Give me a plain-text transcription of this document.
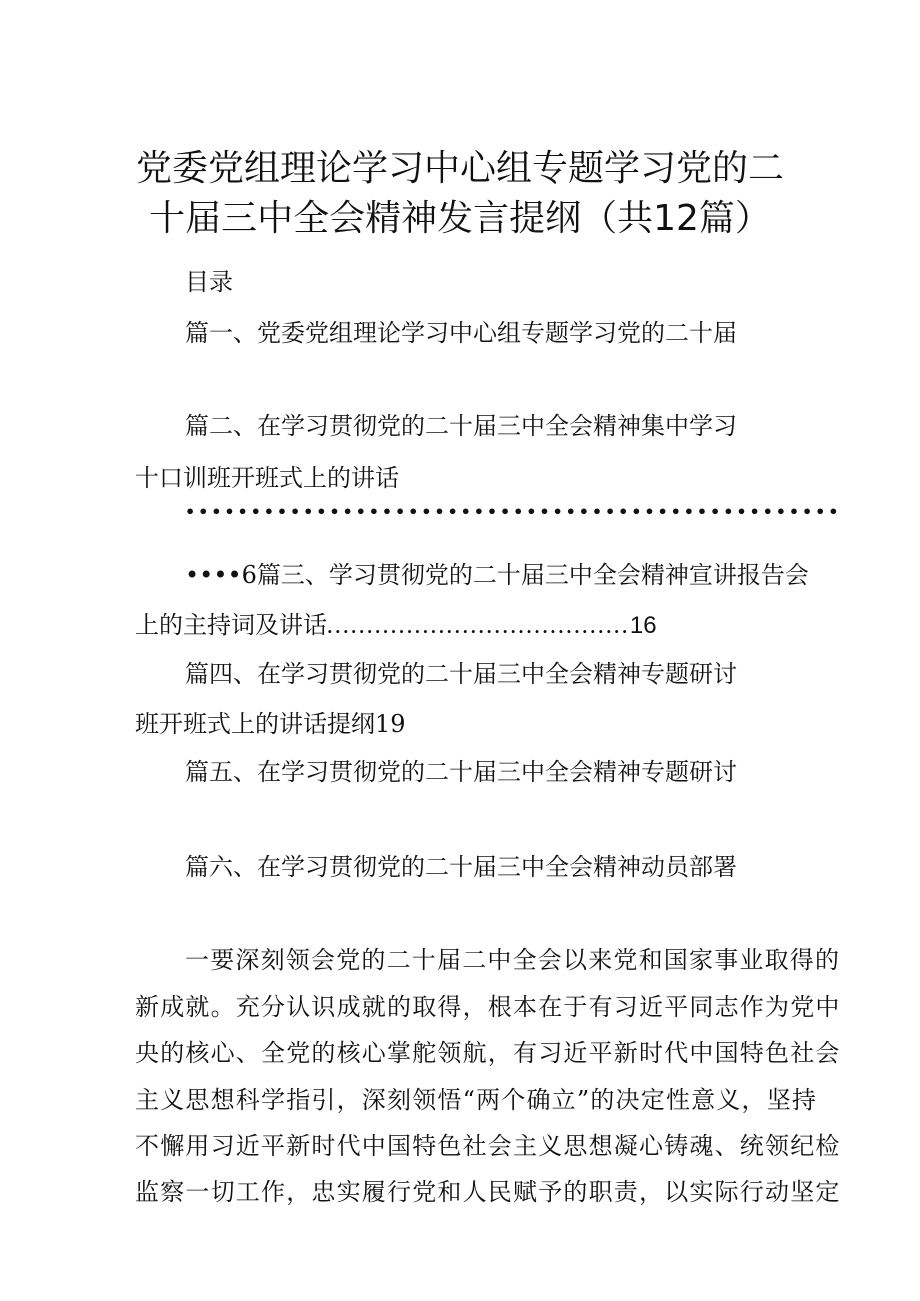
党委党组理论学习中心组专题学习党的二
十届三中全会精神发言提纲（共12篇）
目录
篇一、党委党组理论学习中心组专题学习党的二十届
篇二、在学习贯彻党的二十届三中全会精神集中学习
十口训班开班式上的讲话
••••••••••••••••••••••••••••••••••••••••••••••••••
••••6篇三、学习贯彻党的二十届三中全会精神宣讲报告会
上的主持词及讲话......................................16
篇四、在学习贯彻党的二十届三中全会精神专题研讨
班开班式上的讲话提纲19
篇五、在学习贯彻党的二十届三中全会精神专题研讨
篇六、在学习贯彻党的二十届三中全会精神动员部署
一要深刻领会党的二十届二中全会以来党和国家事业取得的
新成就。充分认识成就的取得，根本在于有习近平同志作为党中
央的核心、全党的核心掌舵领航，有习近平新时代中国特色社会
主义思想科学指引，深刻领悟“两个确立”的决定性意义，坚持
不懈用习近平新时代中国特色社会主义思想凝心铸魂、统领纪检
监察一切工作，忠实履行党和人民赋予的职责，以实际行动坚定
